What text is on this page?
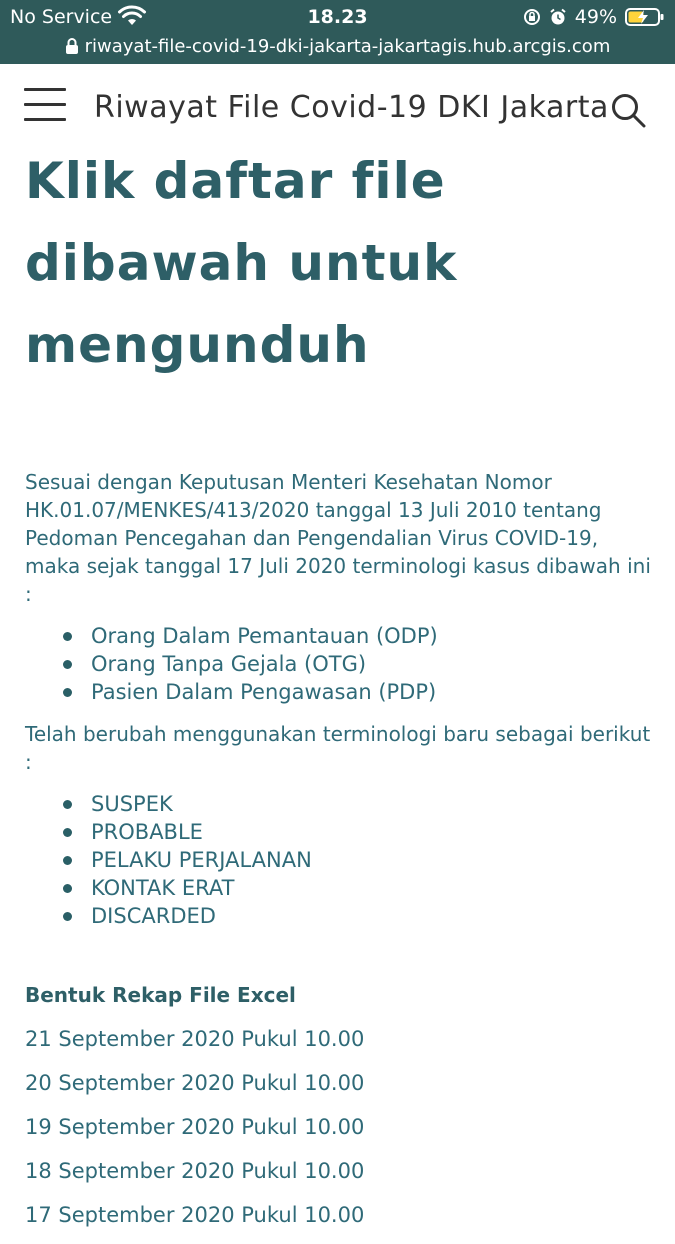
No Service	18.23	49%
riwayat-file-covid-19-dki-jakarta-jakartagis.hub.arcgis.com
Riwayat File Covid-19 DKI Jakarta
Klik daftar file dibawah untuk mengunduh

Sesuai dengan Keputusan Menteri Kesehatan Nomor HK.01.07/MENKES/413/2020 tanggal 13 Juli 2010 tentang Pedoman Pencegahan dan Pengendalian Virus COVID-19, maka sejak tanggal 17 Juli 2020 terminologi kasus dibawah ini :

Orang Dalam Pemantauan (ODP)
Orang Tanpa Gejala (OTG)
Pasien Dalam Pengawasan (PDP)

Telah berubah menggunakan terminologi baru sebagai berikut :

SUSPEK
PROBABLE
PELAKU PERJALANAN
KONTAK ERAT
DISCARDED
Bentuk Rekap File Excel
21 September 2020 Pukul 10.00
20 September 2020 Pukul 10.00
19 September 2020 Pukul 10.00
18 September 2020 Pukul 10.00
17 September 2020 Pukul 10.00
